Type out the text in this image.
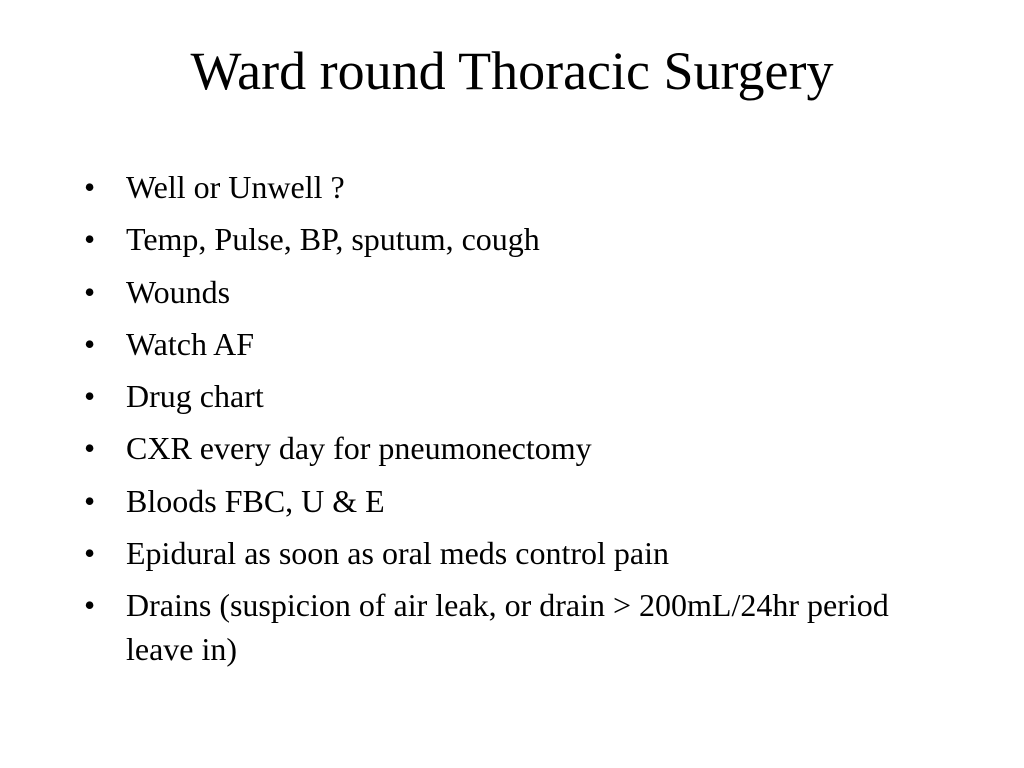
Ward round Thoracic Surgery
• Well or Unwell ?
• Temp, Pulse, BP, sputum, cough
• Wounds
• Watch AF
• Drug chart
• CXR every day for pneumonectomy
• Bloods FBC, U & E
• Epidural as soon as oral meds control pain
• Drains (suspicion of air leak, or drain > 200mL/24hr period leave in)
